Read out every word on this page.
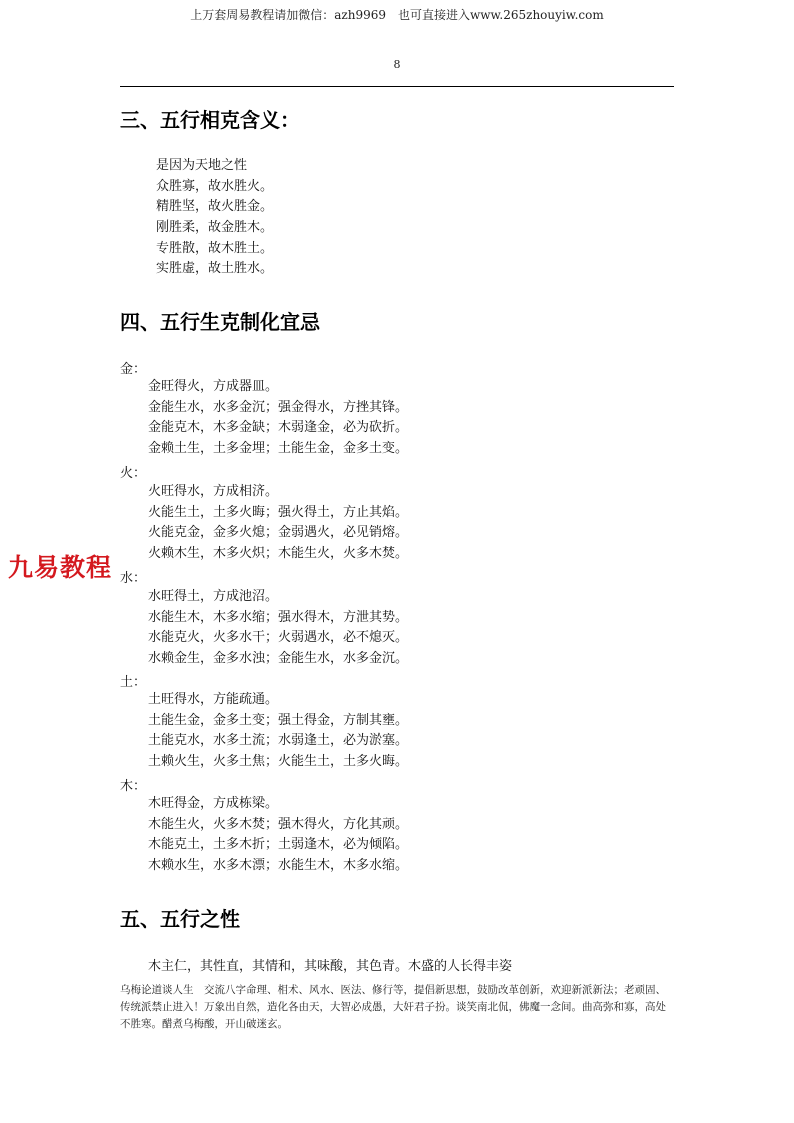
上万套周易教程请加微信：azh9969　也可直接进入www.265zhouyiw.com
8
三、五行相克含义：
是因为天地之性
众胜寡，故水胜火。
精胜坚，故火胜金。
刚胜柔，故金胜木。
专胜散，故木胜土。
实胜虚，故土胜水。
四、五行生克制化宜忌
金：
金旺得火，方成器皿。
金能生水，水多金沉；强金得水，方挫其锋。
金能克木，木多金缺；木弱逢金，必为砍折。
金赖土生，土多金埋；土能生金，金多土变。
火：
火旺得水，方成相济。
火能生土，土多火晦；强火得土，方止其焰。
火能克金，金多火熄；金弱遇火，必见销熔。
火赖木生，木多火炽；木能生火，火多木焚。
水：
水旺得土，方成池沼。
水能生木，木多水缩；强水得木，方泄其势。
水能克火，火多水干；火弱遇水，必不熄灭。
水赖金生，金多水浊；金能生水，水多金沉。
土：
土旺得水，方能疏通。
土能生金，金多土变；强土得金，方制其壅。
土能克水，水多土流；水弱逢土，必为淤塞。
土赖火生，火多土焦；火能生土，土多火晦。
木：
木旺得金，方成栋梁。
木能生火，火多木焚；强木得火，方化其顽。
木能克土，土多木折；土弱逢木，必为倾陷。
木赖水生，水多木漂；水能生木，木多水缩。
五、五行之性
木主仁，其性直，其情和，其味酸，其色青。木盛的人长得丰姿
乌梅论道谈人生　交流八字命理、相术、风水、医法、修行等，提倡新思想，鼓励改革创新，欢迎新派新法；老顽固、传统派禁止进入！万象出自然，造化各由天，大智必成愚，大奸君子扮。谈笑南北侃，佛魔一念间。曲高弥和寡，高处不胜寒。醋煮乌梅酸，开山破迷玄。
九易教程
